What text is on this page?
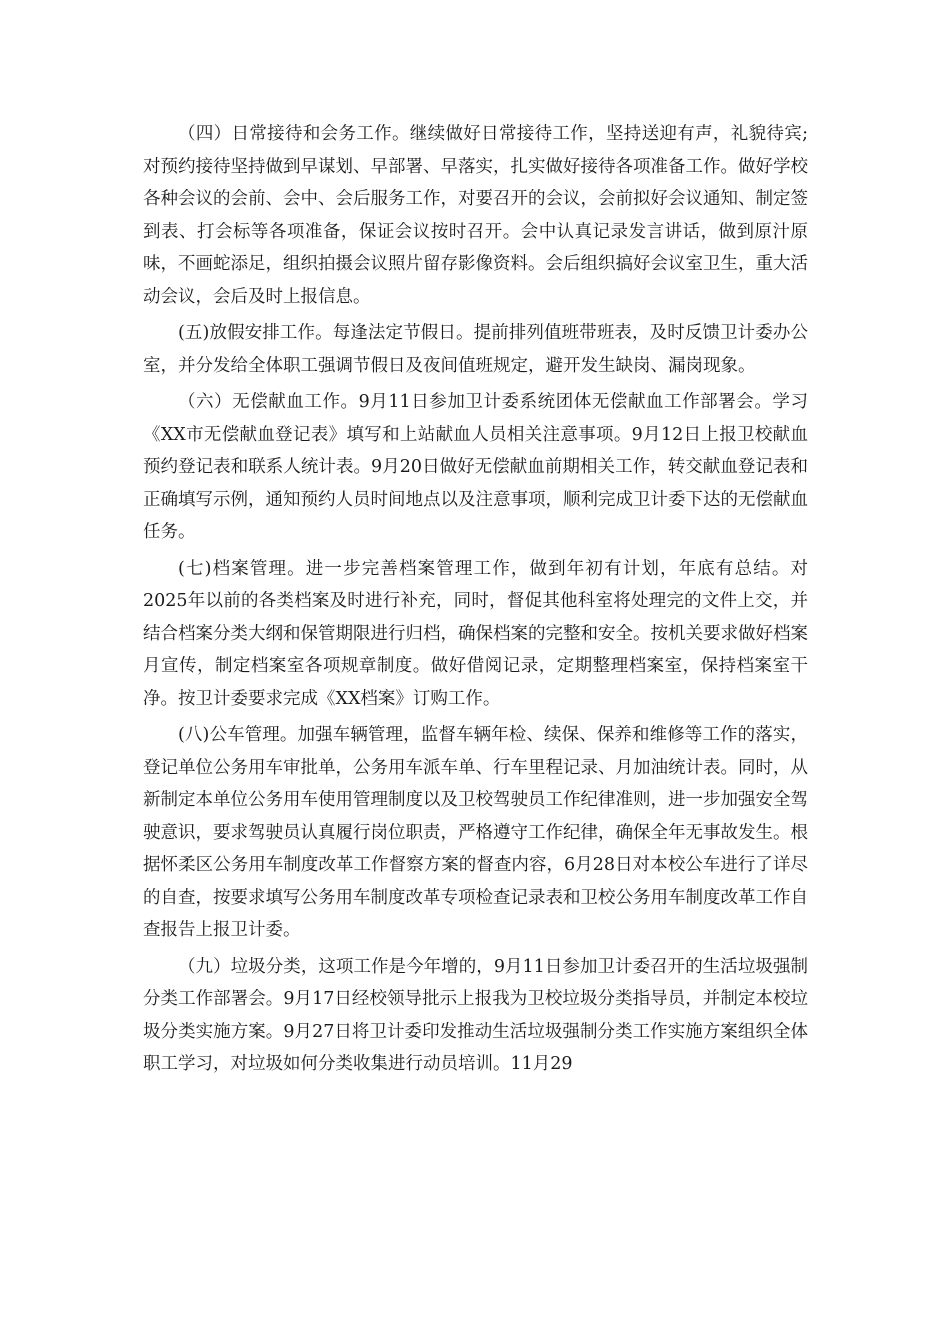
（四）日常接待和会务工作。继续做好日常接待工作，坚持送迎有声，礼貌待宾;对预约接待坚持做到早谋划、早部署、早落实，扎实做好接待各项准备工作。做好学校各种会议的会前、会中、会后服务工作，对要召开的会议，会前拟好会议通知、制定签到表、打会标等各项准备，保证会议按时召开。会中认真记录发言讲话，做到原汁原味，不画蛇添足，组织拍摄会议照片留存影像资料。会后组织搞好会议室卫生，重大活动会议，会后及时上报信息。

(五)放假安排工作。每逢法定节假日。提前排列值班带班表，及时反馈卫计委办公室，并分发给全体职工强调节假日及夜间值班规定，避开发生缺岗、漏岗现象。

（六）无偿献血工作。9月11日参加卫计委系统团体无偿献血工作部署会。学习《XX市无偿献血登记表》填写和上站献血人员相关注意事项。9月12日上报卫校献血预约登记表和联系人统计表。9月20日做好无偿献血前期相关工作，转交献血登记表和正确填写示例，通知预约人员时间地点以及注意事项，顺利完成卫计委下达的无偿献血任务。

(七)档案管理。进一步完善档案管理工作，做到年初有计划，年底有总结。对2025年以前的各类档案及时进行补充，同时，督促其他科室将处理完的文件上交，并结合档案分类大纲和保管期限进行归档，确保档案的完整和安全。按机关要求做好档案月宣传，制定档案室各项规章制度。做好借阅记录，定期整理档案室，保持档案室干净。按卫计委要求完成《XX档案》订购工作。

(八)公车管理。加强车辆管理，监督车辆年检、续保、保养和维修等工作的落实，登记单位公务用车审批单，公务用车派车单、行车里程记录、月加油统计表。同时，从新制定本单位公务用车使用管理制度以及卫校驾驶员工作纪律准则，进一步加强安全驾驶意识，要求驾驶员认真履行岗位职责，严格遵守工作纪律，确保全年无事故发生。根据怀柔区公务用车制度改革工作督察方案的督查内容，6月28日对本校公车进行了详尽的自查，按要求填写公务用车制度改革专项检查记录表和卫校公务用车制度改革工作自查报告上报卫计委。

（九）垃圾分类，这项工作是今年增的，9月11日参加卫计委召开的生活垃圾强制分类工作部署会。9月17日经校领导批示上报我为卫校垃圾分类指导员，并制定本校垃圾分类实施方案。9月27日将卫计委印发推动生活垃圾强制分类工作实施方案组织全体职工学习，对垃圾如何分类收集进行动员培训。11月29
